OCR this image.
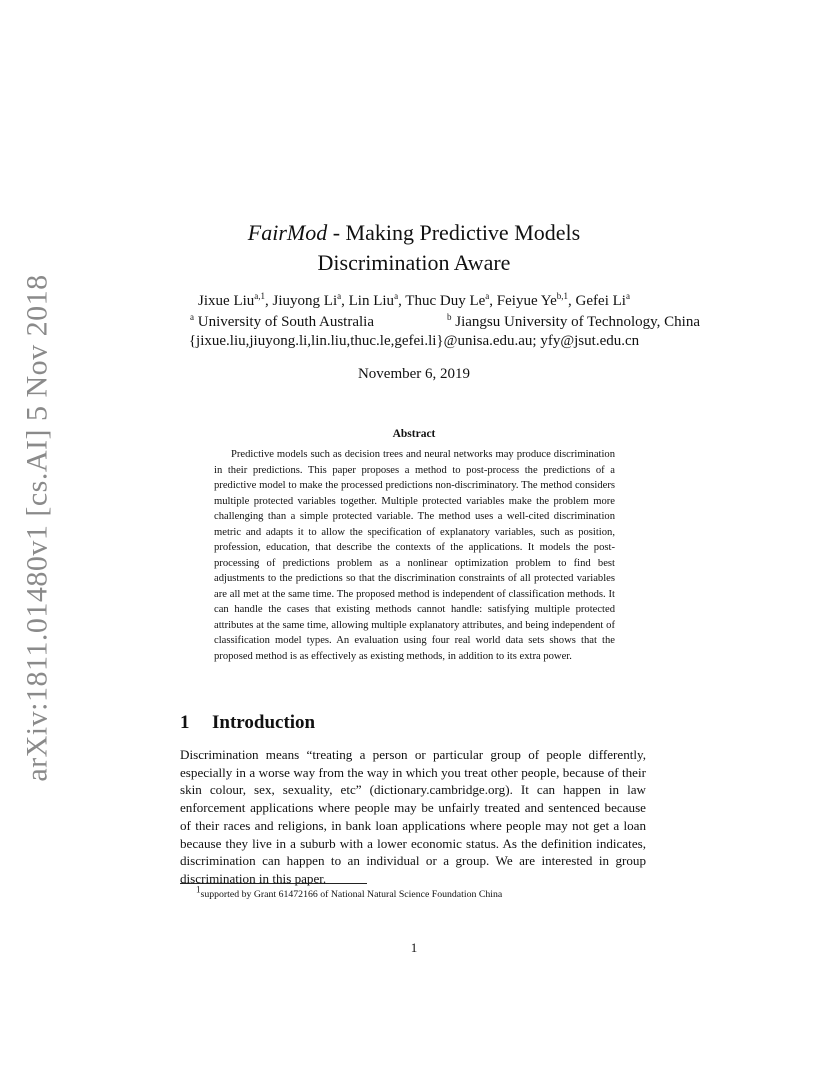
arXiv:1811.01480v1 [cs.AI] 5 Nov 2018
FairMod - Making Predictive Models
Discrimination Aware
Jixue Liu$^{a,1}$, Jiuyong Li$^a$, Lin Liu$^a$, Thuc Duy Le$^a$, Feiyue Ye$^{b,1}$, Gefei Li$^a$
$^a$ University of South Australia	$^b$ Jiangsu University of Technology, China
{jixue.liu,jiuyong.li,lin.liu,thuc.le,gefei.li}@unisa.edu.au; yfy@jsut.edu.cn
November 6, 2019
Abstract

Predictive models such as decision trees and neural networks may produce discrimination in their predictions. This paper proposes a method to post-process the predictions of a predictive model to make the processed predictions non-discriminatory. The method considers multiple protected variables together. Multiple protected variables make the problem more challenging than a simple protected variable. The method uses a well-cited discrimination metric and adapts it to allow the specification of explanatory variables, such as position, profession, education, that describe the contexts of the applications. It models the post-processing of predictions problem as a nonlinear optimization problem to find best adjustments to the predictions so that the discrimination constraints of all protected variables are all met at the same time. The proposed method is independent of classification methods. It can handle the cases that existing methods cannot handle: satisfying multiple protected attributes at the same time, allowing multiple explanatory attributes, and being independent of classification model types. An evaluation using four real world data sets shows that the proposed method is as effectively as existing methods, in addition to its extra power.

1 Introduction

Discrimination means “treating a person or particular group of people differently, especially in a worse way from the way in which you treat other people, because of their skin colour, sex, sexuality, etc” (dictionary.cambridge.org). It can happen in law enforcement applications where people may be unfairly treated and sentenced because of their races and religions, in bank loan applications where people may not get a loan because they live in a suburb with a lower economic status. As the definition indicates, discrimination can happen to an individual or a group. We are interested in group discrimination in this paper.

$^1$supported by Grant 61472166 of National Natural Science Foundation China
1
